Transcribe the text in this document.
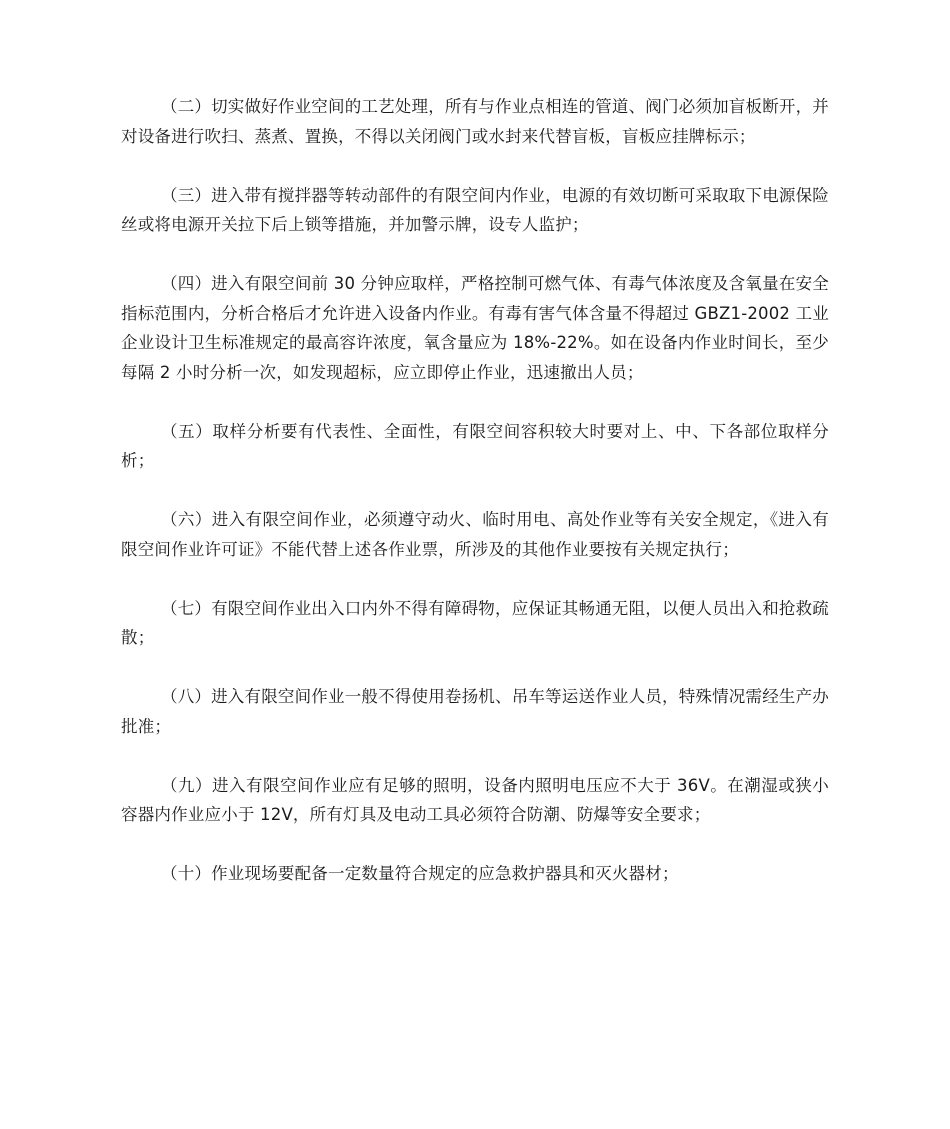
（二）切实做好作业空间的工艺处理，所有与作业点相连的管道、阀门必须加盲板断开，并对设备进行吹扫、蒸煮、置换，不得以关闭阀门或水封来代替盲板，盲板应挂牌标示；

（三）进入带有搅拌器等转动部件的有限空间内作业，电源的有效切断可采取取下电源保险丝或将电源开关拉下后上锁等措施，并加警示牌，设专人监护；

（四）进入有限空间前 30 分钟应取样，严格控制可燃气体、有毒气体浓度及含氧量在安全指标范围内，分析合格后才允许进入设备内作业。有毒有害气体含量不得超过 GBZ1-2002 工业企业设计卫生标准规定的最高容许浓度，氧含量应为 18%-22%。如在设备内作业时间长，至少每隔 2 小时分析一次，如发现超标，应立即停止作业，迅速撤出人员；

（五）取样分析要有代表性、全面性，有限空间容积较大时要对上、中、下各部位取样分析；

（六）进入有限空间作业，必须遵守动火、临时用电、高处作业等有关安全规定，《进入有限空间作业许可证》不能代替上述各作业票，所涉及的其他作业要按有关规定执行；

（七）有限空间作业出入口内外不得有障碍物，应保证其畅通无阻，以便人员出入和抢救疏散；

（八）进入有限空间作业一般不得使用卷扬机、吊车等运送作业人员，特殊情况需经生产办批准；

（九）进入有限空间作业应有足够的照明，设备内照明电压应不大于 36V。在潮湿或狭小容器内作业应小于 12V，所有灯具及电动工具必须符合防潮、防爆等安全要求；

（十）作业现场要配备一定数量符合规定的应急救护器具和灭火器材；
